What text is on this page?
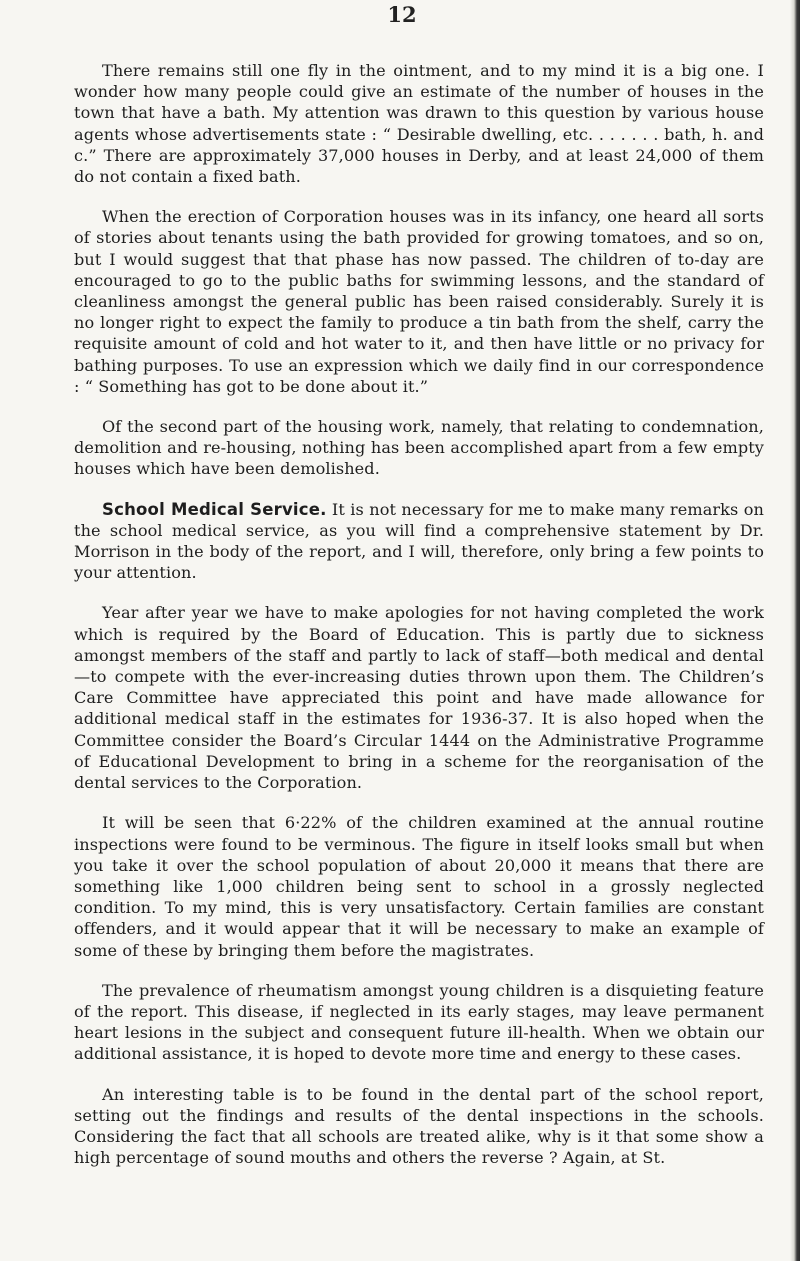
12

There remains still one fly in the ointment, and to my mind it is a big one. I wonder how many people could give an estimate of the number of houses in the town that have a bath. My attention was drawn to this question by various house agents whose advertisements state : “ Desirable dwelling, etc. . . . . . . bath, h. and c.” There are approximately 37,000 houses in Derby, and at least 24,000 of them do not contain a fixed bath.

When the erection of Corporation houses was in its infancy, one heard all sorts of stories about tenants using the bath provided for growing tomatoes, and so on, but I would suggest that that phase has now passed. The children of to-day are encouraged to go to the public baths for swimming lessons, and the standard of cleanliness amongst the general public has been raised considerably. Surely it is no longer right to expect the family to produce a tin bath from the shelf, carry the requisite amount of cold and hot water to it, and then have little or no privacy for bathing purposes. To use an expression which we daily find in our correspondence : “ Something has got to be done about it.”

Of the second part of the housing work, namely, that relating to condemnation, demolition and re-housing, nothing has been accomplished apart from a few empty houses which have been demolished.

School Medical Service. It is not necessary for me to make many remarks on the school medical service, as you will find a comprehensive statement by Dr. Morrison in the body of the report, and I will, therefore, only bring a few points to your attention.

Year after year we have to make apologies for not having completed the work which is required by the Board of Education. This is partly due to sickness amongst members of the staff and partly to lack of staff—both medical and dental—to compete with the ever-increasing duties thrown upon them. The Children’s Care Committee have appreciated this point and have made allowance for additional medical staff in the estimates for 1936-37. It is also hoped when the Committee consider the Board’s Circular 1444 on the Administrative Programme of Educational Development to bring in a scheme for the reorganisation of the dental services to the Corporation.

It will be seen that 6·22% of the children examined at the annual routine inspections were found to be verminous. The figure in itself looks small but when you take it over the school population of about 20,000 it means that there are something like 1,000 children being sent to school in a grossly neglected condition. To my mind, this is very unsatisfactory. Certain families are constant offenders, and it would appear that it will be necessary to make an example of some of these by bringing them before the magistrates.

The prevalence of rheumatism amongst young children is a disquieting feature of the report. This disease, if neglected in its early stages, may leave permanent heart lesions in the subject and consequent future ill-health. When we obtain our additional assistance, it is hoped to devote more time and energy to these cases.

An interesting table is to be found in the dental part of the school report, setting out the findings and results of the dental inspections in the schools. Considering the fact that all schools are treated alike, why is it that some show a high percentage of sound mouths and others the reverse ? Again, at St.
